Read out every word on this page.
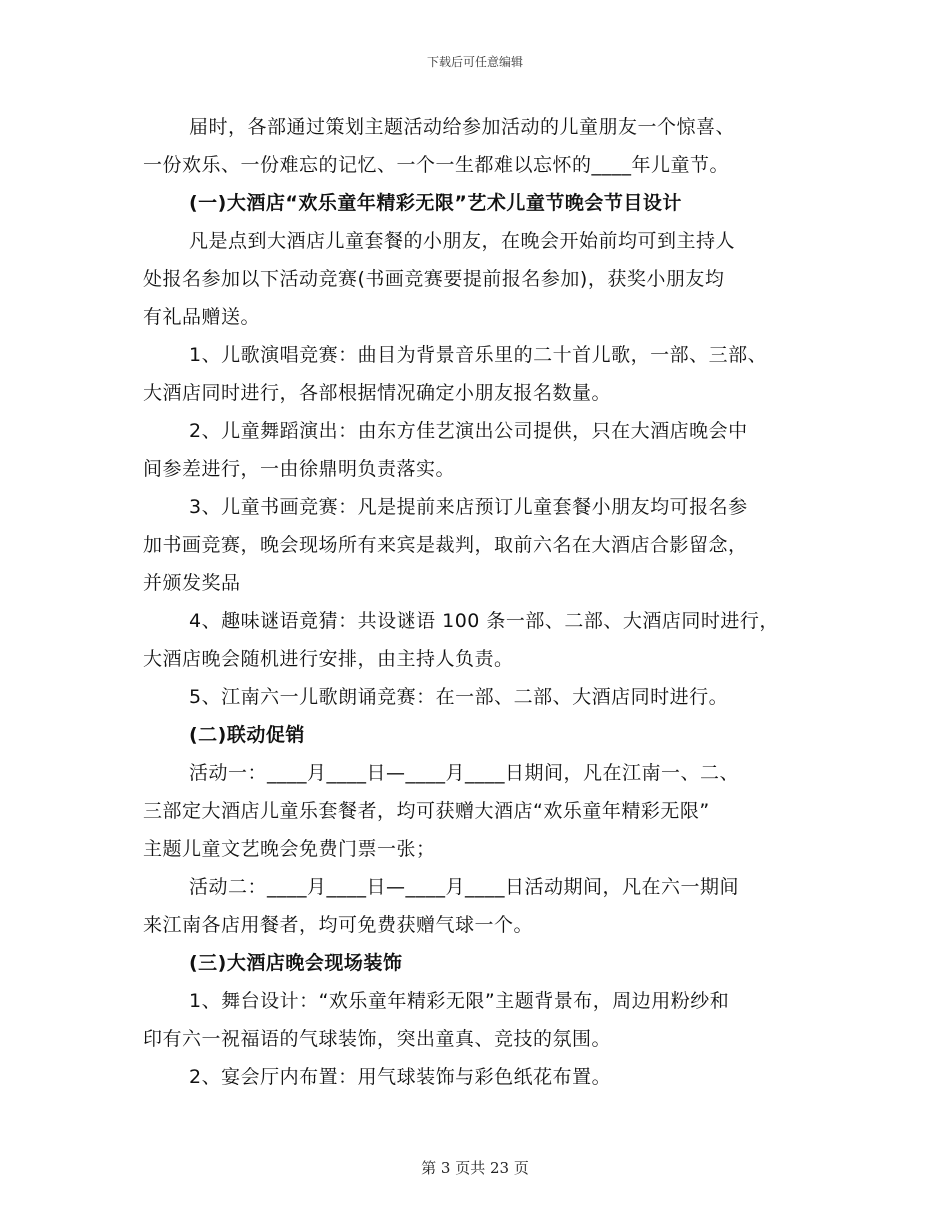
下载后可任意编辑

届时，各部通过策划主题活动给参加活动的儿童朋友一个惊喜、
一份欢乐、一份难忘的记忆、一个一生都难以忘怀的____年儿童节。

(一)大酒店“欢乐童年精彩无限”艺术儿童节晚会节目设计

凡是点到大酒店儿童套餐的小朋友，在晚会开始前均可到主持人
处报名参加以下活动竞赛(书画竞赛要提前报名参加)，获奖小朋友均
有礼品赠送。

1、儿歌演唱竞赛：曲目为背景音乐里的二十首儿歌，一部、三部、
大酒店同时进行，各部根据情况确定小朋友报名数量。

2、儿童舞蹈演出：由东方佳艺演出公司提供，只在大酒店晚会中
间参差进行，一由徐鼎明负责落实。

3、儿童书画竞赛：凡是提前来店预订儿童套餐小朋友均可报名参
加书画竞赛，晚会现场所有来宾是裁判，取前六名在大酒店合影留念，
并颁发奖品

4、趣味谜语竟猜：共设谜语 100 条一部、二部、大酒店同时进行，
大酒店晚会随机进行安排，由主持人负责。

5、江南六一儿歌朗诵竞赛：在一部、二部、大酒店同时进行。

(二)联动促销

活动一：____月____日—____月____日期间，凡在江南一、二、
三部定大酒店儿童乐套餐者，均可获赠大酒店“欢乐童年精彩无限”
主题儿童文艺晚会免费门票一张；

活动二：____月____日—____月____日活动期间，凡在六一期间
来江南各店用餐者，均可免费获赠气球一个。

(三)大酒店晚会现场装饰

1、舞台设计：“欢乐童年精彩无限”主题背景布，周边用粉纱和
印有六一祝福语的气球装饰，突出童真、竞技的氛围。

2、宴会厅内布置：用气球装饰与彩色纸花布置。

第 3 页共 23 页
